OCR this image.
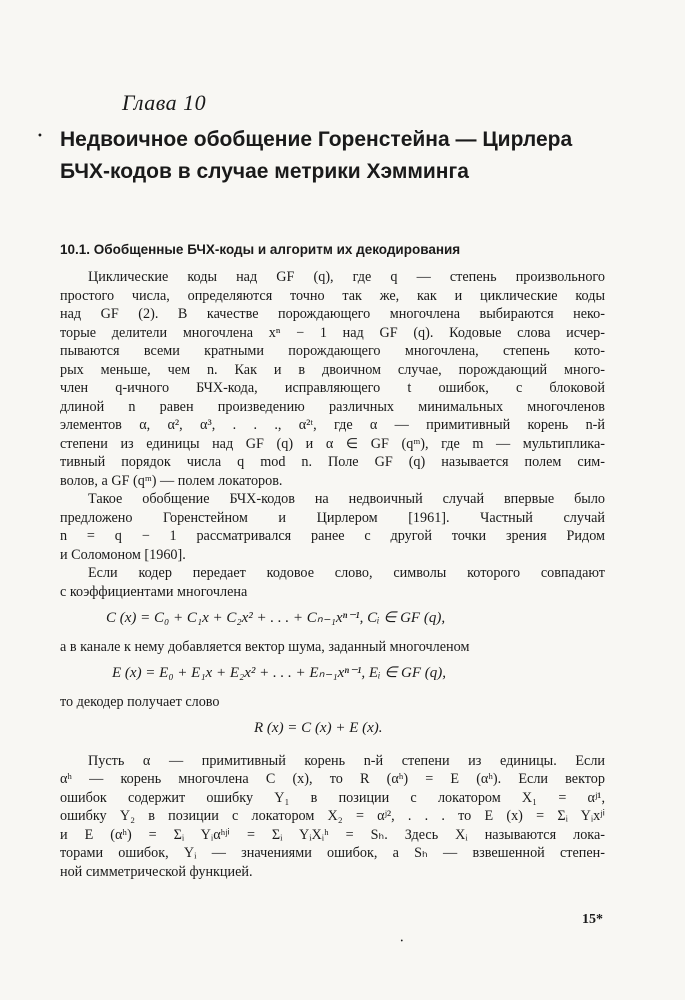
•
Глава 10
Недвоичное обобщение Горенстейна — Цирлера
БЧХ-кодов в случае метрики Хэмминга
10.1. Обобщенные БЧХ-коды и алгоритм их декодирования
Циклические коды над GF (q), где q — степень произвольного
простого числа, определяются точно так же, как и циклические коды
над GF (2). В качестве порождающего многочлена выбираются неко-
торые делители многочлена xⁿ − 1 над GF (q). Кодовые слова исчер-
пываются всеми кратными порождающего многочлена, степень кото-
рых меньше, чем n. Как и в двоичном случае, порождающий много-
член q-ичного БЧХ-кода, исправляющего t ошибок, с блоковой
длиной n равен произведению различных минимальных многочленов
элементов α, α², α³, . . ., α²ᵗ, где α — примитивный корень n-й
степени из единицы над GF (q) и α ∈ GF (qᵐ), где m — мультиплика-
тивный порядок числа q mod n. Поле GF (q) называется полем сим-
волов, а GF (qᵐ) — полем локаторов.
Такое обобщение БЧХ-кодов на недвоичный случай впервые было
предложено Горенстейном и Цирлером [1961]. Частный случай
n = q − 1 рассматривался ранее с другой точки зрения Ридом
и Соломоном [1960].
Если кодер передает кодовое слово, символы которого совпадают
с коэффициентами многочлена
C (x) = C₀ + C₁x + C₂x² + . . . + Cₙ₋₁xⁿ⁻¹, Cᵢ ∈ GF (q),
а в канале к нему добавляется вектор шума, заданный многочленом
E (x) = E₀ + E₁x + E₂x² + . . . + Eₙ₋₁xⁿ⁻¹, Eᵢ ∈ GF (q),
то декодер получает слово
R (x) = C (x) + E (x).
Пусть α — примитивный корень n-й степени из единицы. Если
αʰ — корень многочлена C (x), то R (αʰ) = E (αʰ). Если вектор
ошибок содержит ошибку Y₁ в позиции с локатором X₁ = αʲ¹,
ошибку Y₂ в позиции с локатором X₂ = αʲ², . . . то E (x) = Σᵢ Yᵢxʲⁱ
и E (αʰ) = Σᵢ Yᵢαʰʲⁱ = Σᵢ YᵢXᵢʰ = Sₕ. Здесь Xᵢ называются лока-
торами ошибок, Yᵢ — значениями ошибок, а Sₕ — взвешенной степен-
ной симметрической функцией.
15*
•
